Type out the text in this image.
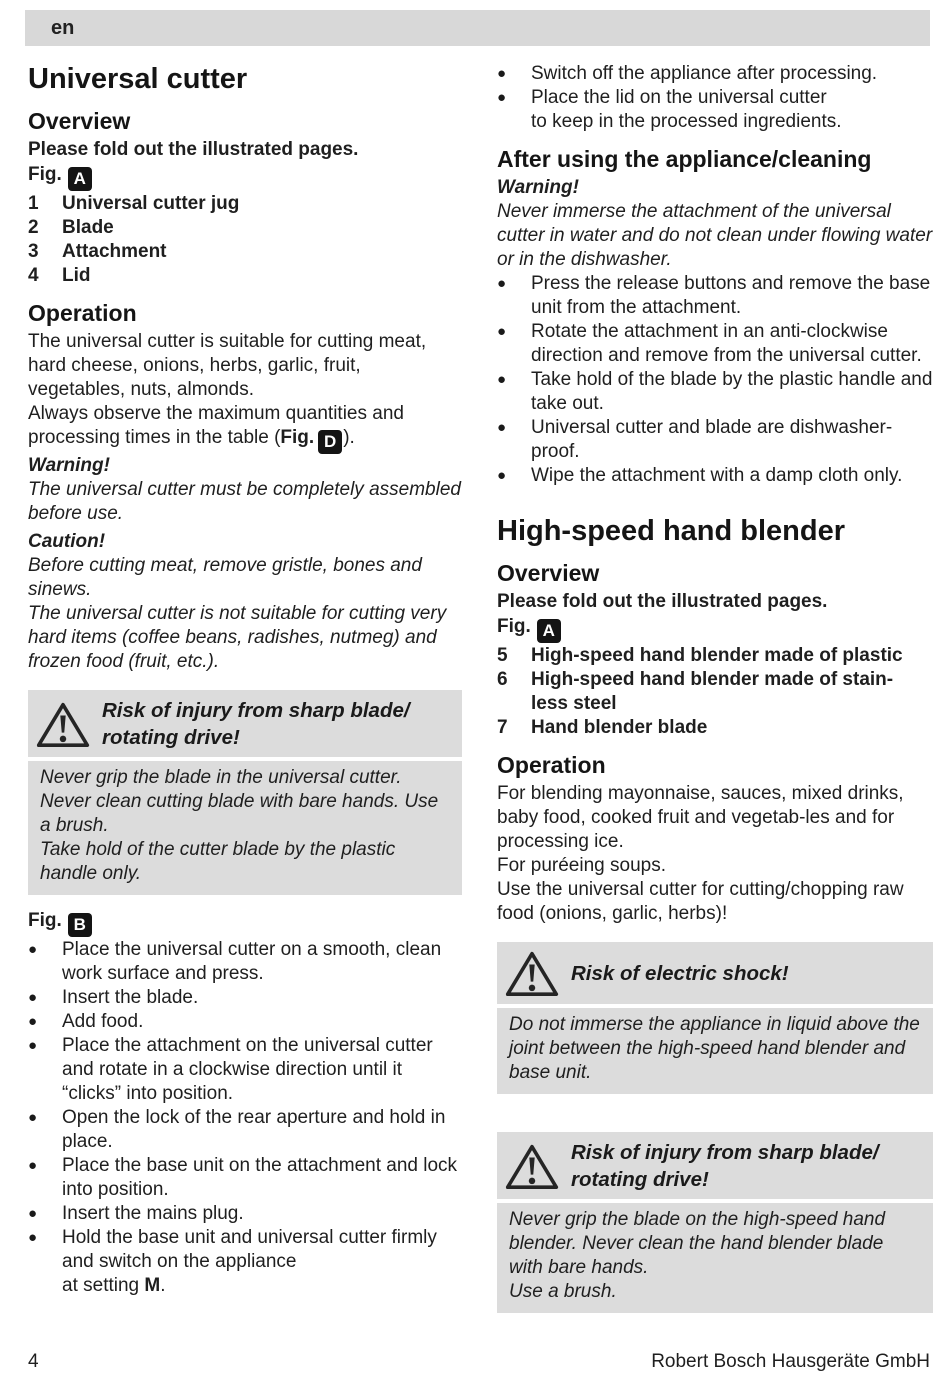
en
Universal cutter
Overview

Please fold out the illustrated pages.

Fig. A
1	Universal cutter jug
2	Blade
3	Attachment
4	Lid
Operation

The universal cutter is suitable for cutting meat, hard cheese, onions, herbs, garlic, fruit, vegetables, nuts, almonds.

Always observe the maximum quantities and processing times in the table (Fig. D ).

Warning!

The universal cutter must be completely assembled before use.

Caution!

Before cutting meat, remove gristle, bones and sinews.

The universal cutter is not suitable for cutting very hard items (coffee beans, radishes, nutmeg) and frozen food (fruit, etc.).

Risk of injury from sharp blade/ rotating drive!

Never grip the blade in the universal cutter.

Never clean cutting blade with bare hands. Use a brush.

Take hold of the cutter blade by the plastic handle only.

Fig. B
●	Place the universal cutter on a smooth, clean work surface and press.
●	Insert the blade.
●	Add food.
●	Place the attachment on the universal cutter and rotate in a clockwise direction until it “clicks” into position.
●	Open the lock of the rear aperture and hold in place.
●	Place the base unit on the attachment and lock into position.
●	Insert the mains plug.
●	Hold the base unit and universal cutter firmly and switch on the appliance
at setting M.
●	Switch off the appliance after processing.
●	Place the lid on the universal cutter
to keep in the processed ingredients.
After using the appliance/cleaning

Warning!

Never immerse the attachment of the universal cutter in water and do not clean under flowing water or in the dishwasher.

●	Press the release buttons and remove the base unit from the attachment.
●	Rotate the attachment in an anti-clockwise direction and remove from the universal cutter.
●	Take hold of the blade by the plastic handle and take out.
●	Universal cutter and blade are dishwasher-proof.
●	Wipe the attachment with a damp cloth only.
High-speed hand blender
Overview

Please fold out the illustrated pages.

Fig. A
5	High-speed hand blender made of plastic
6	High-speed hand blender made of stain-
less steel
7	Hand blender blade
Operation

For blending mayonnaise, sauces, mixed drinks, baby food, cooked fruit and vegetab-les and for processing ice.

For puréeing soups.

Use the universal cutter for cutting/chopping raw food (onions, garlic, herbs)!

Risk of electric shock!

Do not immerse the appliance in liquid above the joint between the high-speed hand blender and base unit.

Risk of injury from sharp blade/ rotating drive!

Never grip the blade on the high-speed hand blender. Never clean the hand blender blade with bare hands.

Use a brush.

4	Robert Bosch Hausgeräte GmbH
